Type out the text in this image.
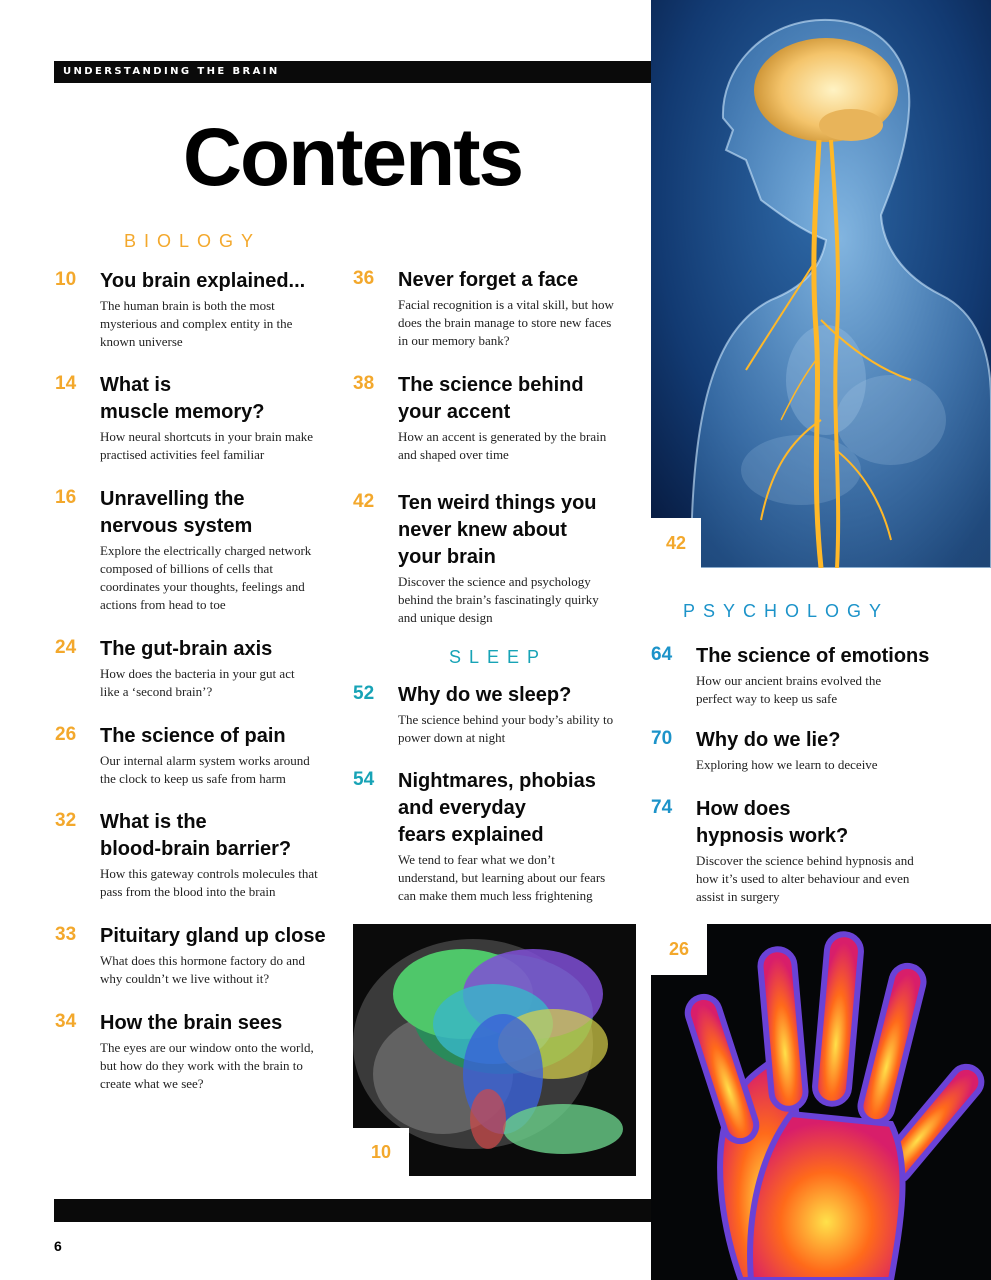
UNDERSTANDING THE BRAIN
Contents
BIOLOGY
SLEEP
PSYCHOLOGY
10 You brain explained...
The human brain is both the most
mysterious and complex entity in the
known universe
14 What is
muscle memory?
How neural shortcuts in your brain make
practised activities feel familiar
16 Unravelling the
nervous system
Explore the electrically charged network
composed of billions of cells that
coordinates your thoughts, feelings and
actions from head to toe
24 The gut-brain axis
How does the bacteria in your gut act
like a ‘second brain’?
26 The science of pain
Our internal alarm system works around
the clock to keep us safe from harm
32 What is the
blood-brain barrier?
How this gateway controls molecules that
pass from the blood into the brain
33 Pituitary gland up close
What does this hormone factory do and
why couldn’t we live without it?
34 How the brain sees
The eyes are our window onto the world,
but how do they work with the brain to
create what we see?
36 Never forget a face
Facial recognition is a vital skill, but how
does the brain manage to store new faces
in our memory bank?
38 The science behind
your accent
How an accent is generated by the brain
and shaped over time
42 Ten weird things you
never knew about
your brain
Discover the science and psychology
behind the brain’s fascinatingly quirky
and unique design
52 Why do we sleep?
The science behind your body’s ability to
power down at night
54 Nightmares, phobias
and everyday
fears explained
We tend to fear what we don’t
understand, but learning about our fears
can make them much less frightening
64 The science of emotions
How our ancient brains evolved the
perfect way to keep us safe
70 Why do we lie?
Exploring how we learn to deceive
74 How does
hypnosis work?
Discover the science behind hypnosis and
how it’s used to alter behaviour and even
assist in surgery
42
10
26
6
